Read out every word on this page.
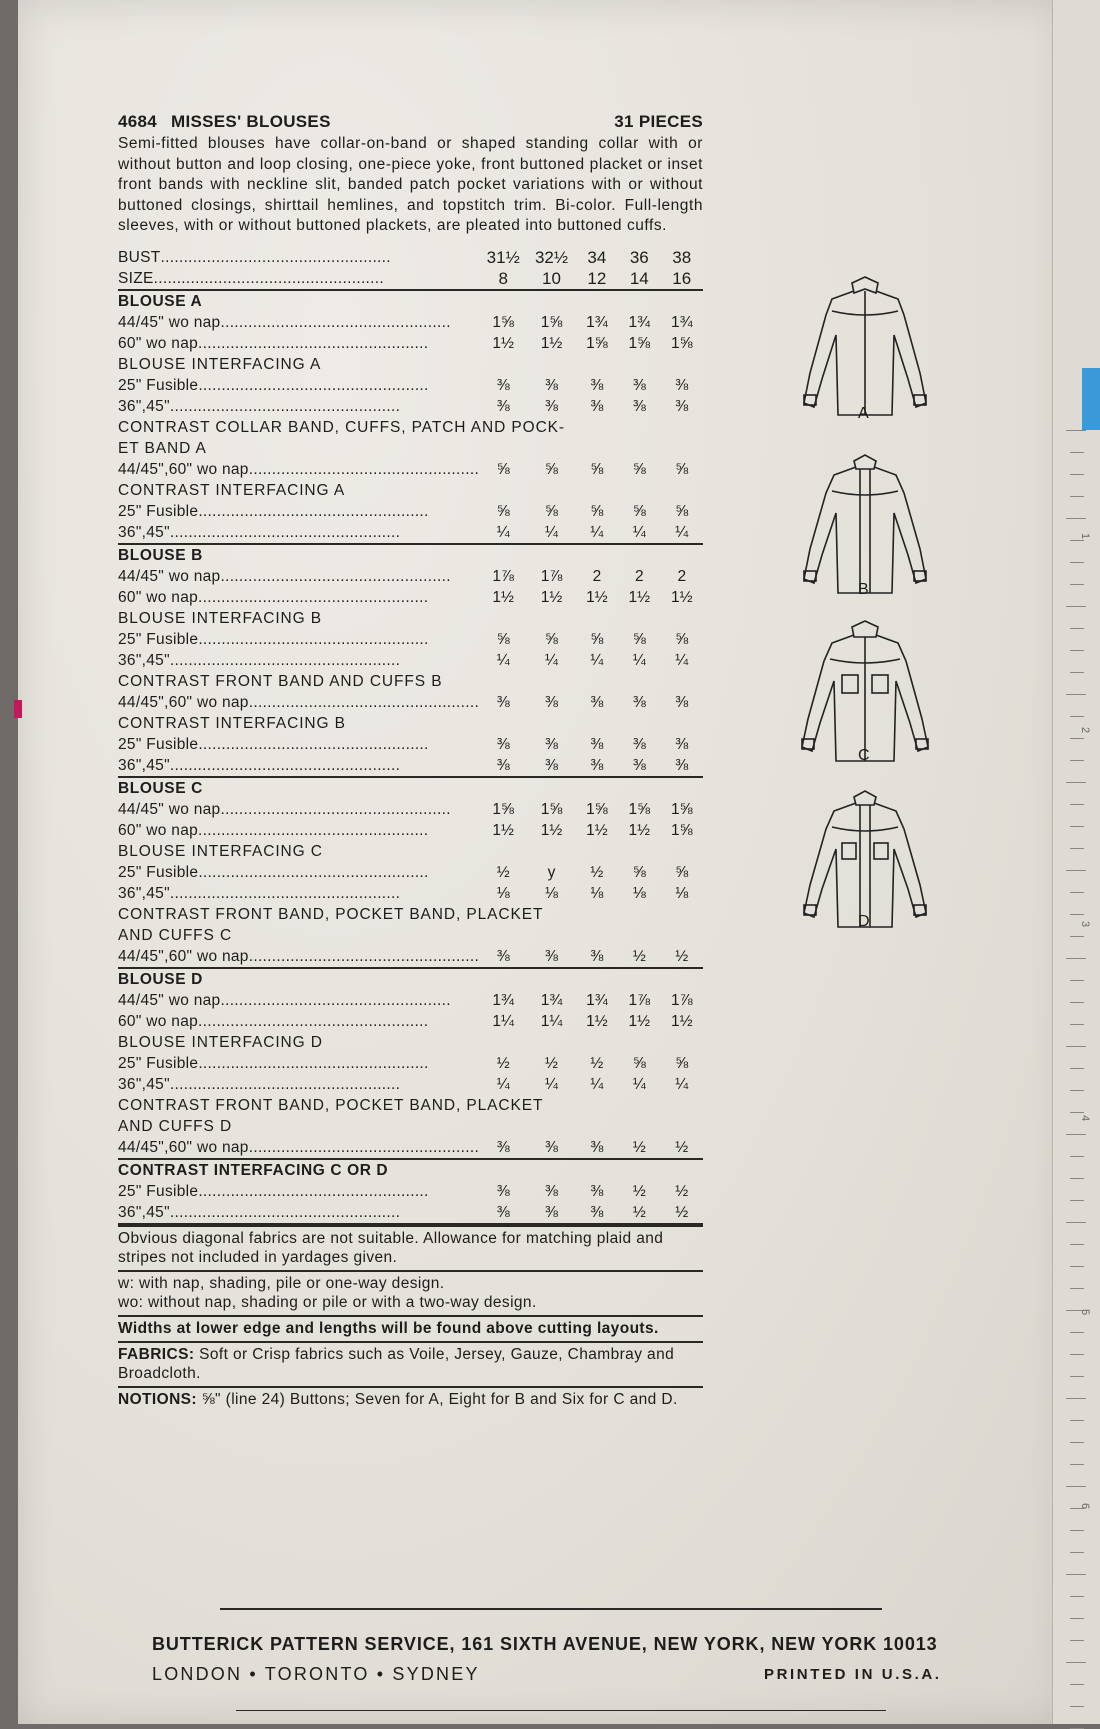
1
2
3
4
5
6
4684 MISSES' BLOUSES	31 PIECES
Semi-fitted blouses have collar-on-band or shaped standing collar with or without button and loop closing, one-piece yoke, front buttoned placket or inset front bands with neckline slit, banded patch pocket variations with or without buttoned closings, shirttail hemlines, and topstitch trim. Bi-color. Full-length sleeves, with or without buttoned plackets, are pleated into buttoned cuffs.
BUST..................................................	31½	32½	34	36	38
SIZE..................................................	8	10	12	14	16
BLOUSE A					
44/45" wo nap..................................................	1⅝	1⅝	1¾	1¾	1¾
60" wo nap..................................................	1½	1½	1⅝	1⅝	1⅝
BLOUSE INTERFACING A					
25" Fusible..................................................	⅜	⅜	⅜	⅜	⅜
36",45"..................................................	⅜	⅜	⅜	⅜	⅜
CONTRAST COLLAR BAND, CUFFS, PATCH AND POCK-					
ET BAND A					
44/45",60" wo nap..................................................	⅝	⅝	⅝	⅝	⅝
CONTRAST INTERFACING A					
25" Fusible..................................................	⅝	⅝	⅝	⅝	⅝
36",45"..................................................	¼	¼	¼	¼	¼
BLOUSE B					
44/45" wo nap..................................................	1⅞	1⅞	2	2	2
60" wo nap..................................................	1½	1½	1½	1½	1½
BLOUSE INTERFACING B					
25" Fusible..................................................	⅝	⅝	⅝	⅝	⅝
36",45"..................................................	¼	¼	¼	¼	¼
CONTRAST FRONT BAND AND CUFFS B					
44/45",60" wo nap..................................................	⅜	⅜	⅜	⅜	⅜
CONTRAST INTERFACING B					
25" Fusible..................................................	⅜	⅜	⅜	⅜	⅜
36",45"..................................................	⅜	⅜	⅜	⅜	⅜
BLOUSE C					
44/45" wo nap..................................................	1⅝	1⅝	1⅝	1⅝	1⅝
60" wo nap..................................................	1½	1½	1½	1½	1⅝
BLOUSE INTERFACING C					
25" Fusible..................................................	½	y	½	⅝	⅝
36",45"..................................................	⅛	⅛	⅛	⅛	⅛
CONTRAST FRONT BAND, POCKET BAND, PLACKET					
AND CUFFS C					
44/45",60" wo nap..................................................	⅜	⅜	⅜	½	½
BLOUSE D					
44/45" wo nap..................................................	1¾	1¾	1¾	1⅞	1⅞
60" wo nap..................................................	1¼	1¼	1½	1½	1½
BLOUSE INTERFACING D					
25" Fusible..................................................	½	½	½	⅝	⅝
36",45"..................................................	¼	¼	¼	¼	¼
CONTRAST FRONT BAND, POCKET BAND, PLACKET					
AND CUFFS D					
44/45",60" wo nap..................................................	⅜	⅜	⅜	½	½
CONTRAST INTERFACING C OR D					
25" Fusible..................................................	⅜	⅜	⅜	½	½
36",45"..................................................	⅜	⅜	⅜	½	½
Obvious diagonal fabrics are not suitable. Allowance for matching plaid and stripes not included in yardages given.
w: with nap, shading, pile or one-way design.
wo: without nap, shading or pile or with a two-way design.
Widths at lower edge and lengths will be found above cutting layouts.
FABRICS: Soft or Crisp fabrics such as Voile, Jersey, Gauze, Chambray and Broadcloth.
NOTIONS: ⅝" (line 24) Buttons; Seven for A, Eight for B and Six for C and D.
A
B
C
D
BUTTERICK PATTERN SERVICE, 161 SIXTH AVENUE, NEW YORK, NEW YORK 10013
LONDON • TORONTO • SYDNEY	PRINTED IN U.S.A.
